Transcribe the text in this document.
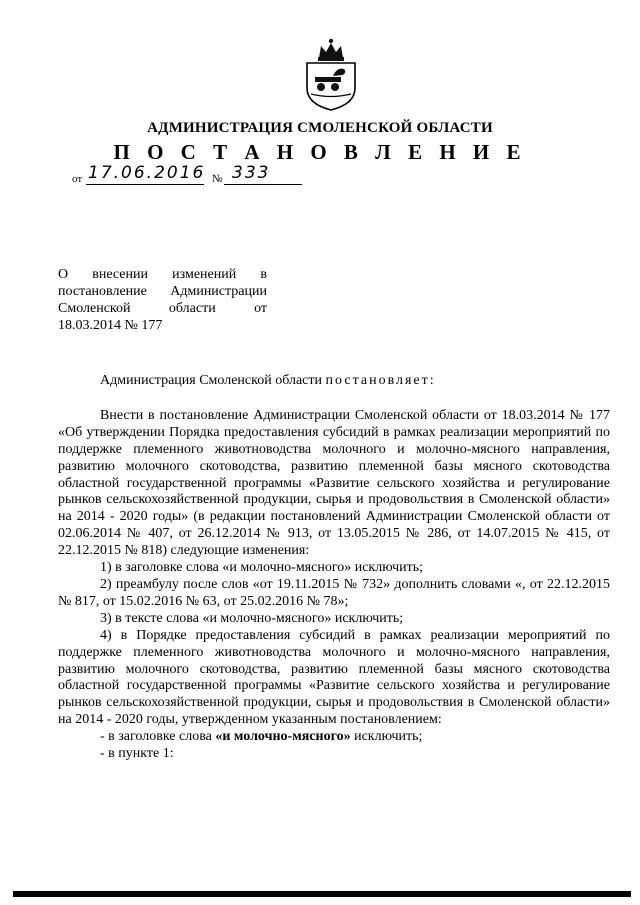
АДМИНИСТРАЦИЯ СМОЛЕНСКОЙ ОБЛАСТИ
П О С Т А Н О В Л Е Н И Е
от 17.06.2016 № 333
О внесении изменений в
постановление Администрации
Смоленской области от
18.03.2014 № 177

Администрация Смоленской области постановляет:

Внести в постановление Администрации Смоленской области от 18.03.2014 № 177 «Об утверждении Порядка предоставления субсидий в рамках реализации мероприятий по поддержке племенного животноводства молочного и молочно-мясного направления, развитию молочного скотоводства, развитию племенной базы мясного скотоводства областной государственной программы «Развитие сельского хозяйства и регулирование рынков сельскохозяйственной продукции, сырья и продовольствия в Смоленской области» на 2014 - 2020 годы» (в редакции постановлений Администрации Смоленской области от 02.06.2014 № 407, от 26.12.2014 № 913, от 13.05.2015 № 286, от 14.07.2015 № 415, от 22.12.2015 № 818) следующие изменения:

1) в заголовке слова «и молочно-мясного» исключить;

2) преамбулу после слов «от 19.11.2015 № 732» дополнить словами «, от 22.12.2015 № 817, от 15.02.2016 № 63, от 25.02.2016 № 78»;

3) в тексте слова «и молочно-мясного» исключить;

4) в Порядке предоставления субсидий в рамках реализации мероприятий по поддержке племенного животноводства молочного и молочно-мясного направления, развитию молочного скотоводства, развитию племенной базы мясного скотоводства областной государственной программы «Развитие сельского хозяйства и регулирование рынков сельскохозяйственной продукции, сырья и продовольствия в Смоленской области» на 2014 - 2020 годы, утвержденном указанным постановлением:

- в заголовке слова «и молочно-мясного» исключить;

- в пункте 1:
